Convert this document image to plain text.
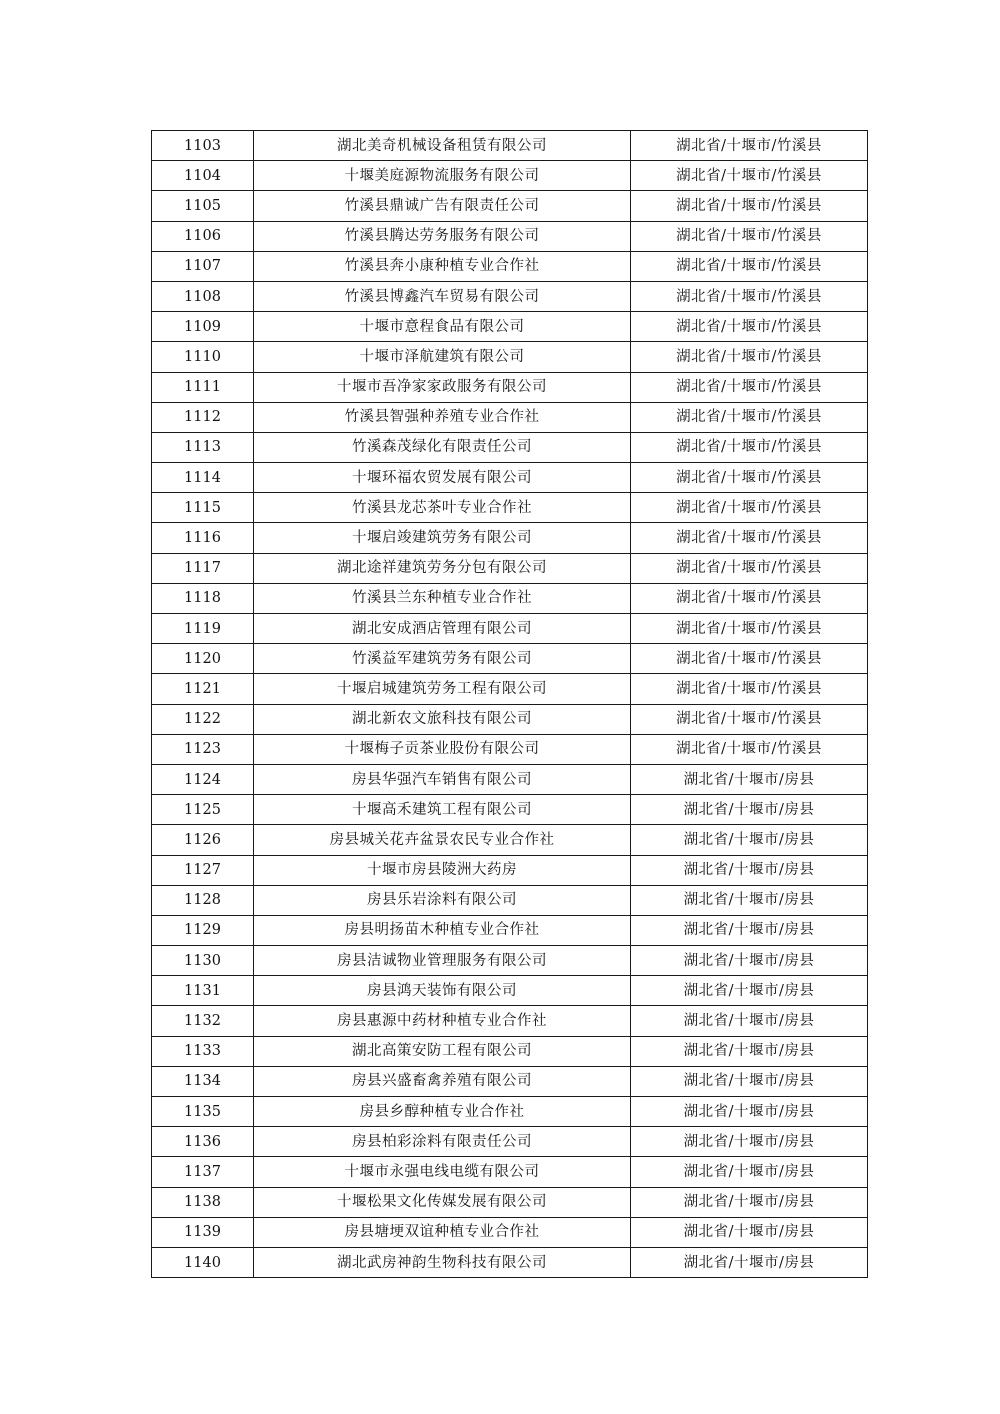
1103	湖北美奇机械设备租赁有限公司	湖北省/十堰市/竹溪县
1104	十堰美庭源物流服务有限公司	湖北省/十堰市/竹溪县
1105	竹溪县鼎诚广告有限责任公司	湖北省/十堰市/竹溪县
1106	竹溪县腾达劳务服务有限公司	湖北省/十堰市/竹溪县
1107	竹溪县奔小康种植专业合作社	湖北省/十堰市/竹溪县
1108	竹溪县博鑫汽车贸易有限公司	湖北省/十堰市/竹溪县
1109	十堰市意程食品有限公司	湖北省/十堰市/竹溪县
1110	十堰市泽航建筑有限公司	湖北省/十堰市/竹溪县
1111	十堰市吾净家家政服务有限公司	湖北省/十堰市/竹溪县
1112	竹溪县智强种养殖专业合作社	湖北省/十堰市/竹溪县
1113	竹溪森茂绿化有限责任公司	湖北省/十堰市/竹溪县
1114	十堰环福农贸发展有限公司	湖北省/十堰市/竹溪县
1115	竹溪县龙芯茶叶专业合作社	湖北省/十堰市/竹溪县
1116	十堰启竣建筑劳务有限公司	湖北省/十堰市/竹溪县
1117	湖北途祥建筑劳务分包有限公司	湖北省/十堰市/竹溪县
1118	竹溪县兰东种植专业合作社	湖北省/十堰市/竹溪县
1119	湖北安成酒店管理有限公司	湖北省/十堰市/竹溪县
1120	竹溪益军建筑劳务有限公司	湖北省/十堰市/竹溪县
1121	十堰启城建筑劳务工程有限公司	湖北省/十堰市/竹溪县
1122	湖北新农文旅科技有限公司	湖北省/十堰市/竹溪县
1123	十堰梅子贡茶业股份有限公司	湖北省/十堰市/竹溪县
1124	房县华强汽车销售有限公司	湖北省/十堰市/房县
1125	十堰高禾建筑工程有限公司	湖北省/十堰市/房县
1126	房县城关花卉盆景农民专业合作社	湖北省/十堰市/房县
1127	十堰市房县陵洲大药房	湖北省/十堰市/房县
1128	房县乐岩涂料有限公司	湖北省/十堰市/房县
1129	房县明扬苗木种植专业合作社	湖北省/十堰市/房县
1130	房县洁诚物业管理服务有限公司	湖北省/十堰市/房县
1131	房县鸿天装饰有限公司	湖北省/十堰市/房县
1132	房县惠源中药材种植专业合作社	湖北省/十堰市/房县
1133	湖北高策安防工程有限公司	湖北省/十堰市/房县
1134	房县兴盛畜禽养殖有限公司	湖北省/十堰市/房县
1135	房县乡醇种植专业合作社	湖北省/十堰市/房县
1136	房县柏彩涂料有限责任公司	湖北省/十堰市/房县
1137	十堰市永强电线电缆有限公司	湖北省/十堰市/房县
1138	十堰松果文化传媒发展有限公司	湖北省/十堰市/房县
1139	房县塘埂双谊种植专业合作社	湖北省/十堰市/房县
1140	湖北武房神韵生物科技有限公司	湖北省/十堰市/房县
